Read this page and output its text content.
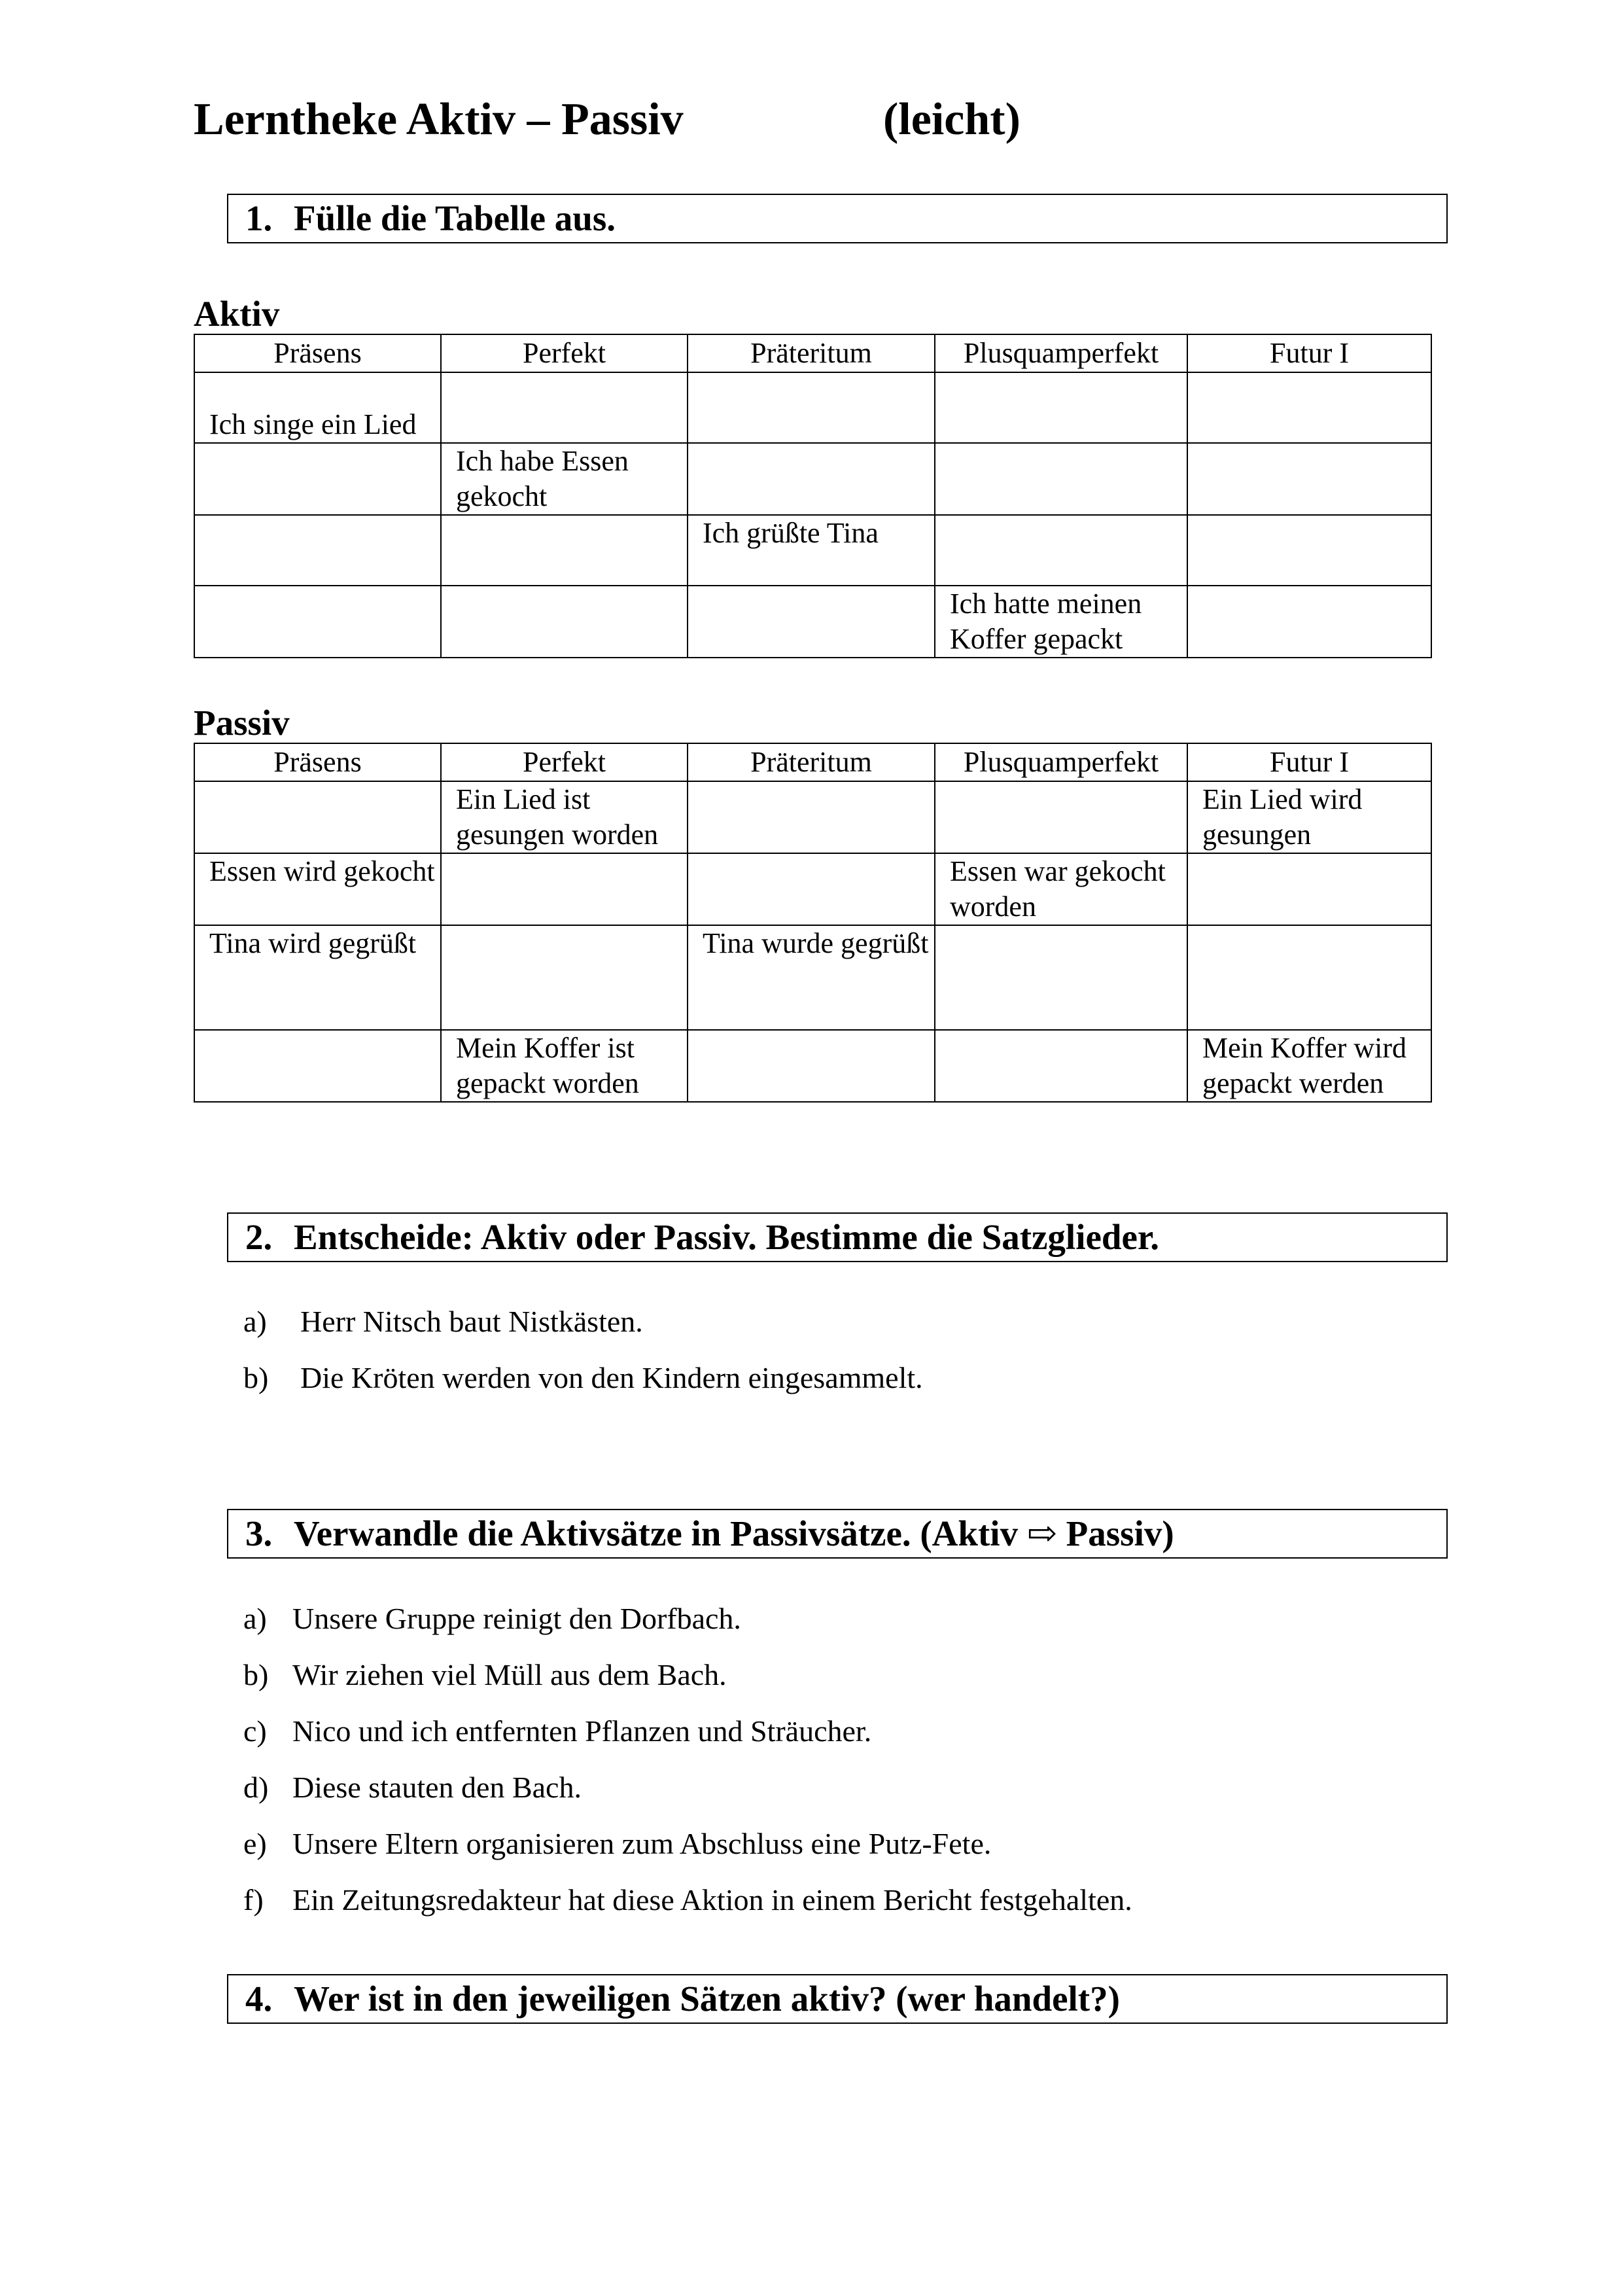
Lerntheke Aktiv – Passiv	(leicht)
1. Fülle die Tabelle aus.
Aktiv
Präsens	Perfekt	Präteritum	Plusquamperfekt	Futur I
Ich singe ein Lied				
	Ich habe Essen gekocht			
		Ich grüßte Tina		
			Ich hatte meinen Koffer gepackt	
Passiv
Präsens	Perfekt	Präteritum	Plusquamperfekt	Futur I
	Ein Lied ist gesungen worden			Ein Lied wird gesungen
Essen wird gekocht			Essen war gekocht worden	
Tina wird gegrüßt		Tina wurde gegrüßt		
	Mein Koffer ist gepackt worden			Mein Koffer wird gepackt werden
2. Entscheide: Aktiv oder Passiv. Bestimme die Satzglieder.
a) Herr Nitsch baut Nistkästen.
b) Die Kröten werden von den Kindern eingesammelt.
3. Verwandle die Aktivsätze in Passivsätze. (Aktiv ⇨ Passiv)
a) Unsere Gruppe reinigt den Dorfbach.
b) Wir ziehen viel Müll aus dem Bach.
c) Nico und ich entfernten Pflanzen und Sträucher.
d) Diese stauten den Bach.
e) Unsere Eltern organisieren zum Abschluss eine Putz-Fete.
f) Ein Zeitungsredakteur hat diese Aktion in einem Bericht festgehalten.
4. Wer ist in den jeweiligen Sätzen aktiv? (wer handelt?)
